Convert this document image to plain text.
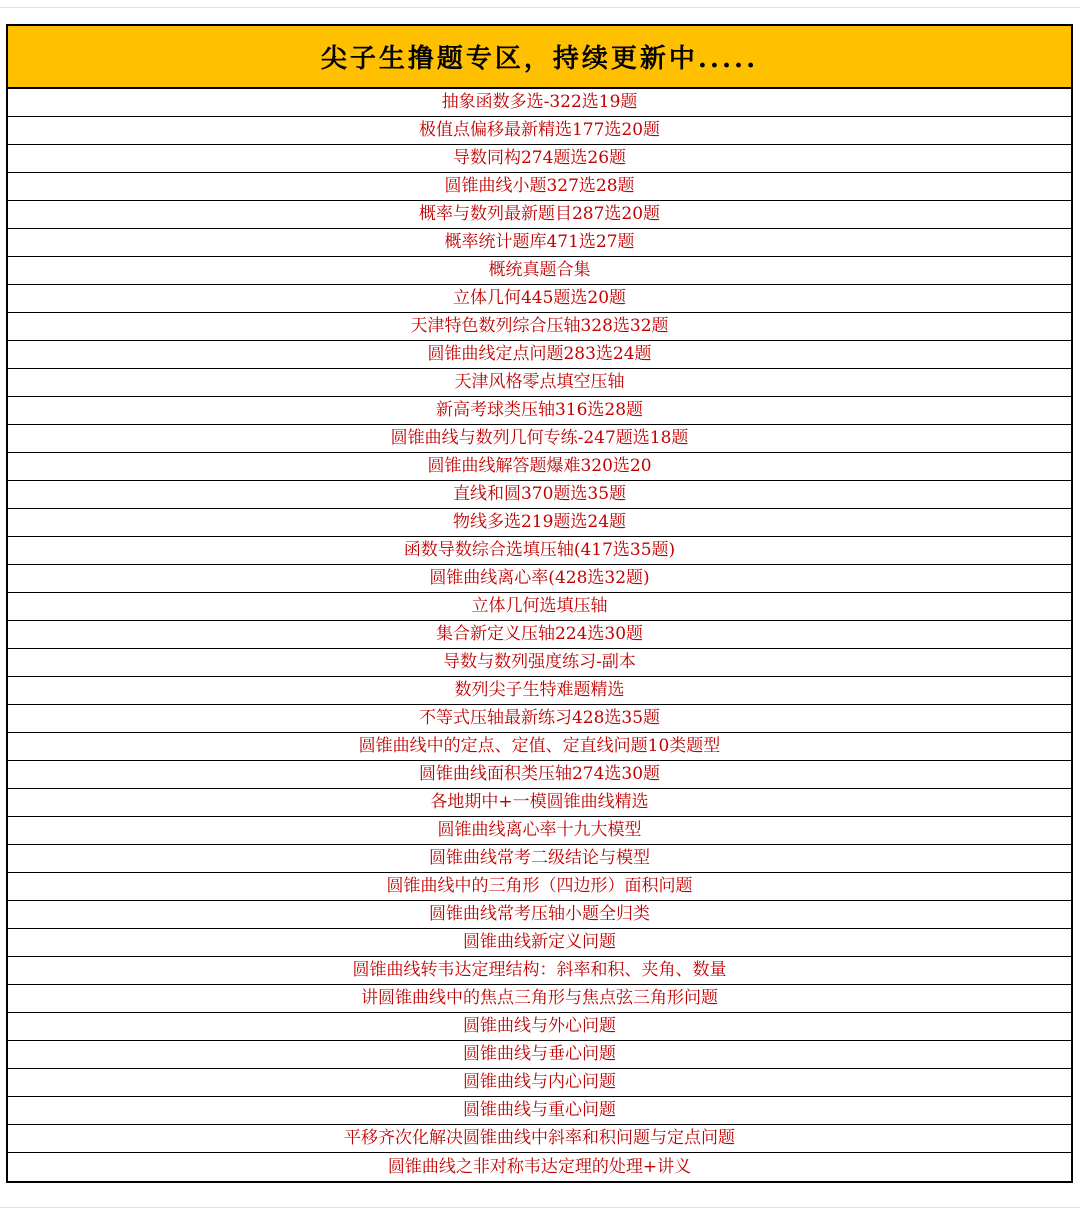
尖子生撸题专区，持续更新中.....
抽象函数多选-322选19题
极值点偏移最新精选177选20题
导数同构274题选26题
圆锥曲线小题327选28题
概率与数列最新题目287选20题
概率统计题库471选27题
概统真题合集
立体几何445题选20题
天津特色数列综合压轴328选32题
圆锥曲线定点问题283选24题
天津风格零点填空压轴
新高考球类压轴316选28题
圆锥曲线与数列几何专练-247题选18题
圆锥曲线解答题爆难320选20
直线和圆370题选35题
物线多选219题选24题
函数导数综合选填压轴(417选35题)
圆锥曲线离心率(428选32题)
立体几何选填压轴
集合新定义压轴224选30题
导数与数列强度练习-副本
数列尖子生特难题精选
不等式压轴最新练习428选35题
圆锥曲线中的定点、定值、定直线问题10类题型
圆锥曲线面积类压轴274选30题
各地期中+一模圆锥曲线精选
圆锥曲线离心率十九大模型
圆锥曲线常考二级结论与模型
圆锥曲线中的三角形（四边形）面积问题
圆锥曲线常考压轴小题全归类
圆锥曲线新定义问题
圆锥曲线转韦达定理结构：斜率和积、夹角、数量
讲圆锥曲线中的焦点三角形与焦点弦三角形问题
圆锥曲线与外心问题
圆锥曲线与垂心问题
圆锥曲线与内心问题
圆锥曲线与重心问题
平移齐次化解决圆锥曲线中斜率和积问题与定点问题
圆锥曲线之非对称韦达定理的处理+讲义
